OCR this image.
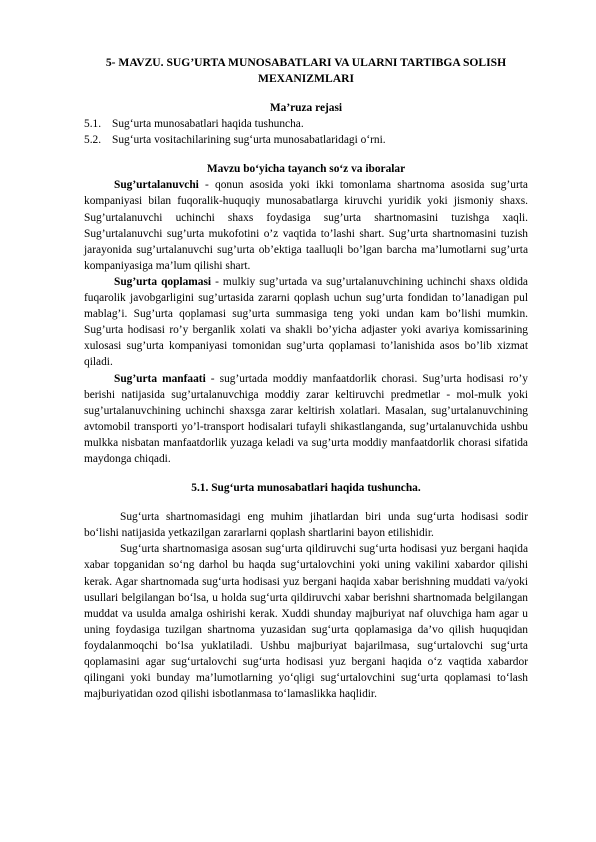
5- MAVZU. SUG’URTA MUNOSABATLARI VA ULARNI TARTIBGA SOLISH MEXANIZMLARI
Ma’ruza rejasi
5.1. Sug‘urta munosabatlari haqida tushuncha.
5.2. Sug‘urta vositachilarining sug‘urta munosabatlaridagi o‘rni.
Mavzu bo‘yicha tayanch so‘z va iboralar

Sug’urtalanuvchi - qonun asosida yoki ikki tomonlama shartnoma asosida sug’urta kompaniyasi bilan fuqoralik-huquqiy munosabatlarga kiruvchi yuridik yoki jismoniy shaxs. Sug’urtalanuvchi uchinchi shaxs foydasiga sug’urta shartnomasini tuzishga xaqli. Sug’urtalanuvchi sug’urta mukofotini o’z vaqtida to’lashi shart. Sug’urta shartnomasini tuzish jarayonida sug’urtalanuvchi sug’urta ob’ektiga taalluqli bo’lgan barcha ma’lumotlarni sug’urta kompaniyasiga ma’lum qilishi shart.

Sug’urta qoplamasi - mulkiy sug’urtada va sug’urtalanuvchining uchinchi shaxs oldida fuqarolik javobgarligini sug’urtasida zararni qoplash uchun sug’urta fondidan to’lanadigan pul mablag’i. Sug’urta qoplamasi sug’urta summasiga teng yoki undan kam bo’lishi mumkin. Sug’urta hodisasi ro’y berganlik xolati va shakli bo’yicha adjaster yoki avariya komissarining xulosasi sug’urta kompaniyasi tomonidan sug’urta qoplamasi to’lanishida asos bo’lib xizmat qiladi.

Sug’urta manfaati - sug’urtada moddiy manfaatdorlik chorasi. Sug’urta hodisasi ro’y berishi natijasida sug’urtalanuvchiga moddiy zarar keltiruvchi predmetlar - mol-mulk yoki sug’urtalanuvchining uchinchi shaxsga zarar keltirish xolatlari. Masalan, sug’urtalanuvchining avtomobil transporti yo’l-transport hodisalari tufayli shikastlanganda, sug’urtalanuvchida ushbu mulkka nisbatan manfaatdorlik yuzaga keladi va sug’urta moddiy manfaatdorlik chorasi sifatida maydonga chiqadi.

5.1. Sug‘urta munosabatlari haqida tushuncha.

Sug‘urta shartnomasidagi eng muhim jihatlardan biri unda sug‘urta hodisasi sodir bo‘lishi natijasida yetkazilgan zararlarni qoplash shartlarini bayon etilishidir.

Sug‘urta shartnomasiga asosan sug‘urta qildiruvchi sug‘urta hodisasi yuz bergani haqida xabar topganidan so‘ng darhol bu haqda sug‘urtalovchini yoki uning vakilini xabardor qilishi kerak. Agar shartnomada sug‘urta hodisasi yuz bergani haqida xabar berishning muddati va/yoki usullari belgilangan bo‘lsa, u holda sug‘urta qildiruvchi xabar berishni shartnomada belgilangan muddat va usulda amalga oshirishi kerak. Xuddi shunday majburiyat naf oluvchiga ham agar u uning foydasiga tuzilgan shartnoma yuzasidan sug‘urta qoplamasiga da’vo qilish huquqidan foydalanmoqchi bo‘lsa yuklatiladi. Ushbu majburiyat bajarilmasa, sug‘urtalovchi sug‘urta qoplamasini agar sug‘urtalovchi sug‘urta hodisasi yuz bergani haqida o‘z vaqtida xabardor qilingani yoki bunday ma’lumotlarning yo‘qligi sug‘urtalovchini sug‘urta qoplamasi to‘lash majburiyatidan ozod qilishi isbotlanmasa to‘lamaslikka haqlidir.
